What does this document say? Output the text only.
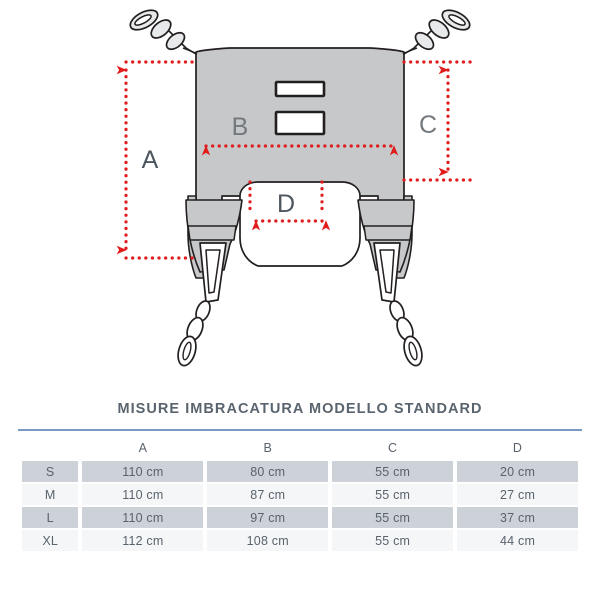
A
B	C
D
MISURE IMBRACATURA MODELLO STANDARD
	A	B	C	D
S	110 cm	80 cm	55 cm	20 cm
M	110 cm	87 cm	55 cm	27 cm
L	110 cm	97 cm	55 cm	37 cm
XL	112 cm	108 cm	55 cm	44 cm
